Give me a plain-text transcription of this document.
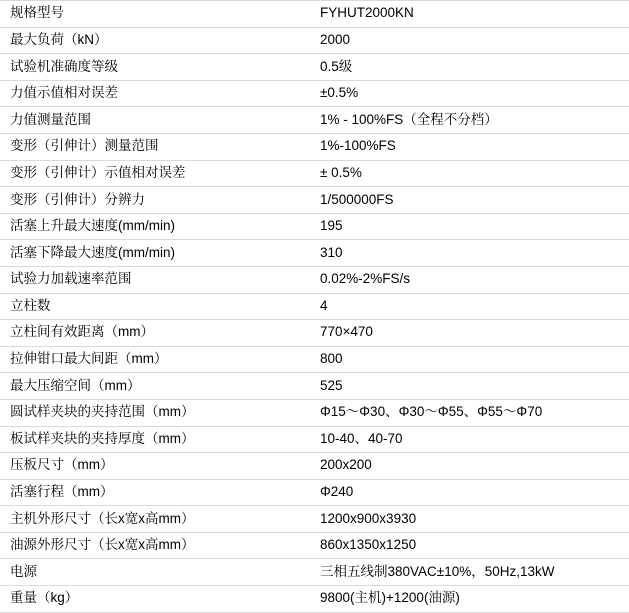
规格型号	FYHUT2000KN
最大负荷（kN）	2000
试验机准确度等级	0.5级
力值示值相对误差	±0.5%
力值测量范围	1% - 100%FS（全程不分档）
变形（引伸计）测量范围	1%-100%FS
变形（引伸计）示值相对误差	± 0.5%
变形（引伸计）分辨力	1/500000FS
活塞上升最大速度(mm/min)	195
活塞下降最大速度(mm/min)	310
试验力加载速率范围	0.02%-2%FS/s
立柱数	4
立柱间有效距离（mm）	770×470
拉伸钳口最大间距（mm）	800
最大压缩空间（mm）	525
圆试样夹块的夹持范围（mm）	Φ15～Φ30、Φ30～Φ55、Φ55～Φ70
板试样夹块的夹持厚度（mm）	10-40、40-70
压板尺寸（mm）	200x200
活塞行程（mm）	Φ240
主机外形尺寸（长x宽x高mm）	1200x900x3930
油源外形尺寸（长x宽x高mm）	860x1350x1250
电源	三相五线制380VAC±10%，50Hz,13kW
重量（kg）	9800(主机)+1200(油源)
